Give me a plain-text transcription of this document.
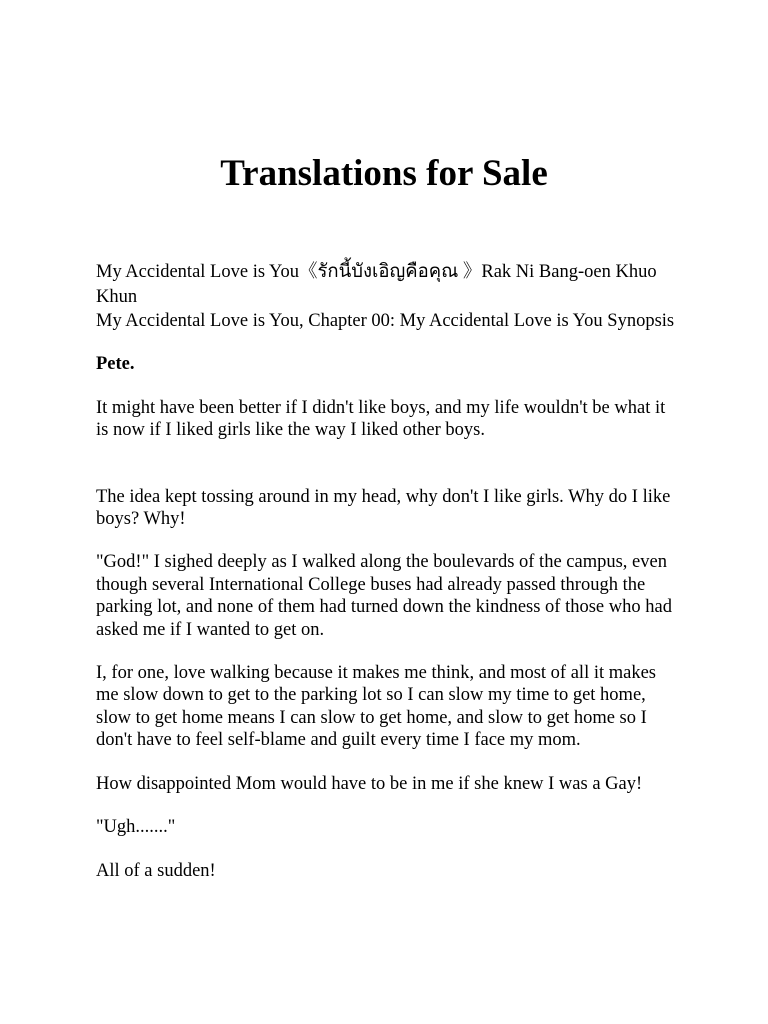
Translations for Sale

My Accidental Love is You《รักนี้บังเอิญคือคุณ 》Rak Ni Bang-oen Khuo Khun

My Accidental Love is You, Chapter 00: My Accidental Love is You Synopsis

Pete.

It might have been better if I didn't like boys, and my life wouldn't be what it is now if I liked girls like the way I liked other boys.

The idea kept tossing around in my head, why don't I like girls. Why do I like boys? Why!

"God!" I sighed deeply as I walked along the boulevards of the campus, even though several International College buses had already passed through the parking lot, and none of them had turned down the kindness of those who had asked me if I wanted to get on.

I, for one, love walking because it makes me think, and most of all it makes me slow down to get to the parking lot so I can slow my time to get home, slow to get home means I can slow to get home, and slow to get home so I don't have to feel self-blame and guilt every time I face my mom.

How disappointed Mom would have to be in me if she knew I was a Gay!

"Ugh......."

All of a sudden!
